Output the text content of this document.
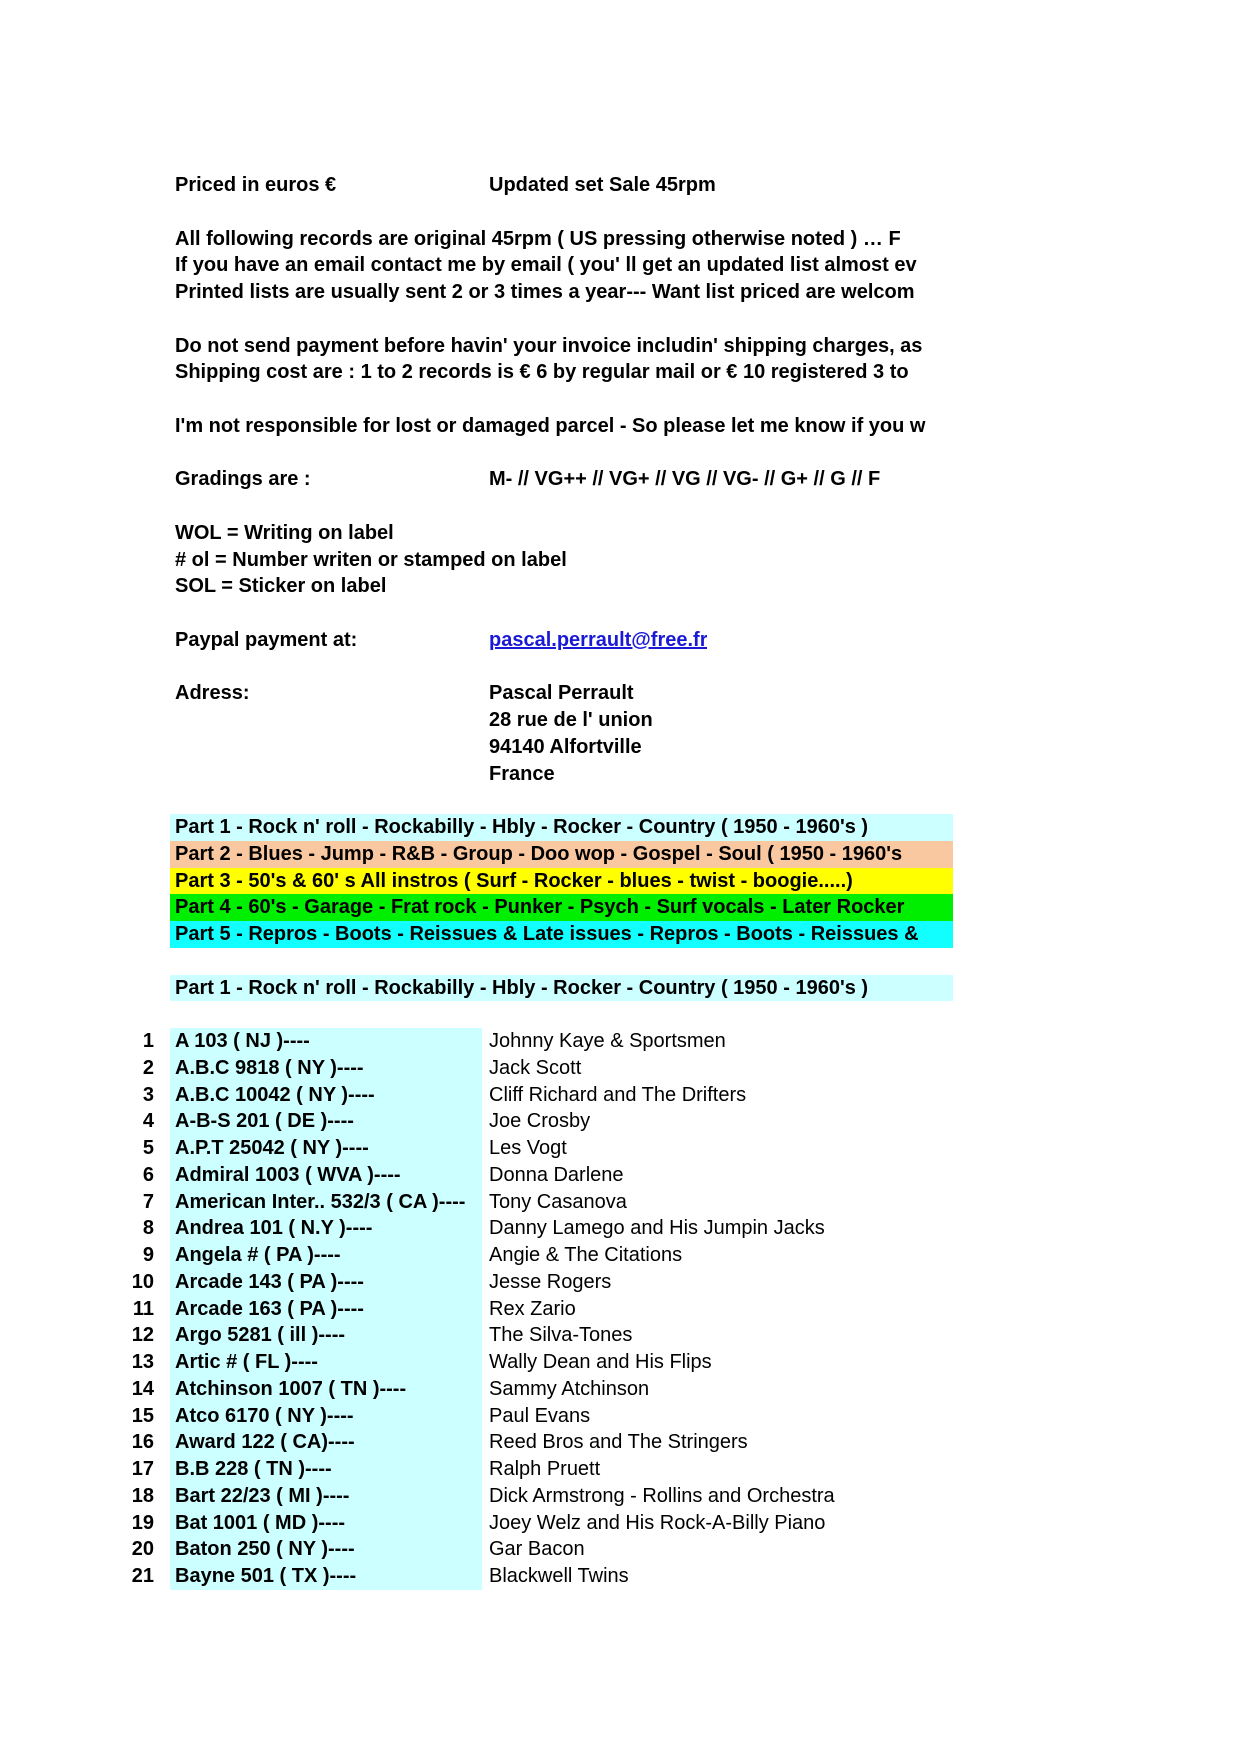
Priced in euros €	Updated set Sale 45rpm
All following records are original 45rpm ( US pressing otherwise noted ) … F
If you have an email contact me by email ( you' ll get an updated list almost ev
Printed lists are usually sent 2 or 3 times a year--- Want list priced are welcom
Do not send payment before havin' your invoice includin' shipping charges, as
Shipping cost are : 1 to 2 records is € 6 by regular mail or € 10 registered 3 to
I'm not responsible for lost or damaged parcel - So please let me know if you w
Gradings are :	M- // VG++ // VG+ // VG // VG- // G+ // G // F
WOL = Writing on label
# ol = Number writen or stamped on label
SOL = Sticker on label
Paypal payment at:	pascal.perrault@free.fr
Adress:	Pascal Perrault
28 rue de l' union
94140 Alfortville
France
Part 1 - Rock n' roll - Rockabilly - Hbly - Rocker - Country ( 1950 - 1960's )
Part 2 - Blues - Jump - R&B - Group - Doo wop - Gospel - Soul ( 1950 - 1960's
Part 3 - 50's & 60' s All instros ( Surf - Rocker - blues - twist - boogie.....)
Part 4 - 60's - Garage - Frat rock - Punker - Psych - Surf vocals - Later Rocker
Part 5 - Repros - Boots - Reissues & Late issues - Repros - Boots - Reissues &
Part 1 - Rock n' roll - Rockabilly - Hbly - Rocker - Country ( 1950 - 1960's )
1 A 103 ( NJ )----	Johnny Kaye & Sportsmen
2 A.B.C 9818 ( NY )----	Jack Scott
3 A.B.C 10042 ( NY )----	Cliff Richard and The Drifters
4 A-B-S 201 ( DE )----	Joe Crosby
5 A.P.T 25042 ( NY )----	Les Vogt
6 Admiral 1003 ( WVA )----	Donna Darlene
7 American Inter.. 532/3 ( CA )----	Tony Casanova
8 Andrea 101 ( N.Y )----	Danny Lamego and His Jumpin Jacks
9 Angela # ( PA )----	Angie & The Citations
10 Arcade 143 ( PA )----	Jesse Rogers
11 Arcade 163 ( PA )----	Rex Zario
12 Argo 5281 ( ill )----	The Silva-Tones
13 Artic # ( FL )----	Wally Dean and His Flips
14 Atchinson 1007 ( TN )----	Sammy Atchinson
15 Atco 6170 ( NY )----	Paul Evans
16 Award 122 ( CA)----	Reed Bros and The Stringers
17 B.B 228 ( TN )----	Ralph Pruett
18 Bart 22/23 ( MI )----	Dick Armstrong - Rollins and Orchestra
19 Bat 1001 ( MD )----	Joey Welz and His Rock-A-Billy Piano
20 Baton 250 ( NY )----	Gar Bacon
21 Bayne 501 ( TX )----	Blackwell Twins
